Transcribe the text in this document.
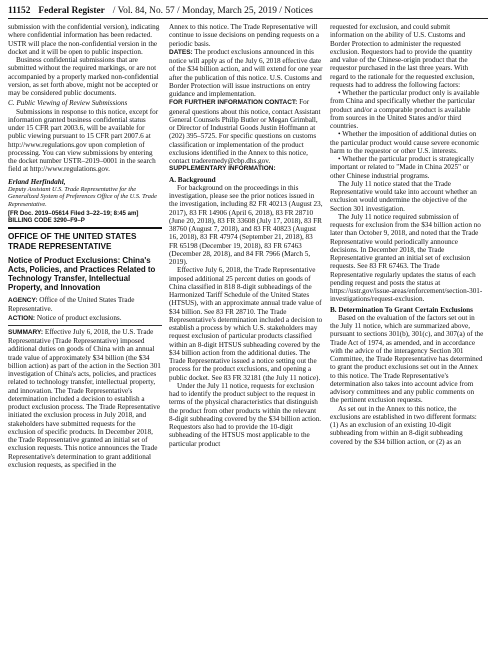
11152 Federal Register / Vol. 84, No. 57 / Monday, March 25, 2019 / Notices

submission with the confidential version), indicating where confidential information has been redacted. USTR will place the non-confidential version in the docket and it will be open to public inspection.

Business confidential submissions that are submitted without the required markings, or are not accompanied by a properly marked non-confidential version, as set forth above, might not be accepted or may be considered public documents.

C. Public Viewing of Review Submissions

Submissions in response to this notice, except for information granted business confidential status under 15 CFR part 2003.6, will be available for public viewing pursuant to 15 CFR part 2007.6 at http://www.regulations.gov upon completion of processing. You can view submissions by entering the docket number USTR–2019–0001 in the search field at http://www.regulations.gov.

Erland Herfindahl,

Deputy Assistant U.S. Trade Representative for the Generalized System of Preferences Office of the U.S. Trade Representative.

[FR Doc. 2019–05614 Filed 3–22–19; 8:45 am]

BILLING CODE 3290–F9–P

OFFICE OF THE UNITED STATES TRADE REPRESENTATIVE

Notice of Product Exclusions: China's Acts, Policies, and Practices Related to Technology Transfer, Intellectual Property, and Innovation

AGENCY: Office of the United States Trade Representative.

ACTION: Notice of product exclusions.

SUMMARY: Effective July 6, 2018, the U.S. Trade Representative (Trade Representative) imposed additional duties on goods of China with an annual trade value of approximately $34 billion (the $34 billion action) as part of the action in the Section 301 investigation of China's acts, policies, and practices related to technology transfer, intellectual property, and innovation. The Trade Representative's determination included a decision to establish a product exclusion process. The Trade Representative initiated the exclusion process in July 2018, and stakeholders have submitted requests for the exclusion of specific products. In December 2018, the Trade Representative granted an initial set of exclusion requests. This notice announces the Trade Representative's determination to grant additional exclusion requests, as specified in the

Annex to this notice. The Trade Representative will continue to issue decisions on pending requests on a periodic basis.

DATES: The product exclusions announced in this notice will apply as of the July 6, 2018 effective date of the $34 billion action, and will extend for one year after the publication of this notice. U.S. Customs and Border Protection will issue instructions on entry guidance and implementation.

FOR FURTHER INFORMATION CONTACT: For general questions about this notice, contact Assistant General Counsels Philip Butler or Megan Grimball, or Director of Industrial Goods Justin Hoffmann at (202) 395–5725. For specific questions on customs classification or implementation of the product exclusions identified in the Annex to this notice, contact traderemedy@cbp.dhs.gov.

SUPPLEMENTARY INFORMATION:

A. Background

For background on the proceedings in this investigation, please see the prior notices issued in the investigation, including 82 FR 40213 (August 23, 2017), 83 FR 14906 (April 6, 2018), 83 FR 28710 (June 20, 2018), 83 FR 33608 (July 17, 2018), 83 FR 38760 (August 7, 2018), and 83 FR 40823 (August 16, 2018), 83 FR 47974 (September 21, 2018), 83 FR 65198 (December 19, 2018), 83 FR 67463 (December 28, 2018), and 84 FR 7966 (March 5, 2019).

Effective July 6, 2018, the Trade Representative imposed additional 25 percent duties on goods of China classified in 818 8-digit subheadings of the Harmonized Tariff Schedule of the United States (HTSUS), with an approximate annual trade value of $34 billion. See 83 FR 28710. The Trade Representative's determination included a decision to establish a process by which U.S. stakeholders may request exclusion of particular products classified within an 8-digit HTSUS subheading covered by the $34 billion action from the additional duties. The Trade Representative issued a notice setting out the process for the product exclusions, and opening a public docket. See 83 FR 32181 (the July 11 notice).

Under the July 11 notice, requests for exclusion had to identify the product subject to the request in terms of the physical characteristics that distinguish the product from other products within the relevant 8-digit subheading covered by the $34 billion action. Requestors also had to provide the 10-digit subheading of the HTSUS most applicable to the particular product

requested for exclusion, and could submit information on the ability of U.S. Customs and Border Protection to administer the requested exclusion. Requestors had to provide the quantity and value of the Chinese-origin product that the requestor purchased in the last three years. With regard to the rationale for the requested exclusion, requests had to address the following factors:

• Whether the particular product only is available from China and specifically whether the particular product and/or a comparable product is available from sources in the United States and/or third countries.

• Whether the imposition of additional duties on the particular product would cause severe economic harm to the requestor or other U.S. interests.

• Whether the particular product is strategically important or related to "Made in China 2025" or other Chinese industrial programs.

The July 11 notice stated that the Trade Representative would take into account whether an exclusion would undermine the objective of the Section 301 investigation.

The July 11 notice required submission of requests for exclusion from the $34 billion action no later than October 9, 2018, and noted that the Trade Representative would periodically announce decisions. In December 2018, the Trade Representative granted an initial set of exclusion requests. See 83 FR 67463. The Trade Representative regularly updates the status of each pending request and posts the status at https://ustr.gov/issue-areas/enforcement/section-301-investigations/request-exclusion.

B. Determination To Grant Certain Exclusions

Based on the evaluation of the factors set out in the July 11 notice, which are summarized above, pursuant to sections 301(b), 301(c), and 307(a) of the Trade Act of 1974, as amended, and in accordance with the advice of the interagency Section 301 Committee, the Trade Representative has determined to grant the product exclusions set out in the Annex to this notice. The Trade Representative's determination also takes into account advice from advisory committees and any public comments on the pertinent exclusion requests.

As set out in the Annex to this notice, the exclusions are established in two different formats: (1) As an exclusion of an existing 10-digit subheading from within an 8-digit subheading covered by the $34 billion action, or (2) as an
